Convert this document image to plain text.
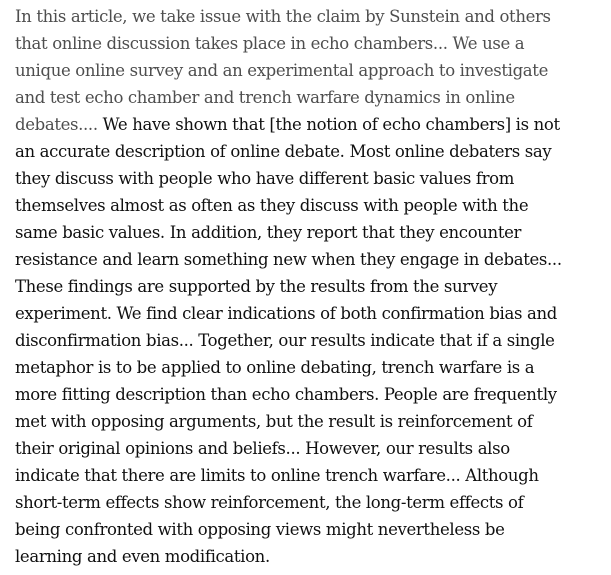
In this article, we take issue with the claim by Sunstein and others
that online discussion takes place in echo chambers... We use a
unique online survey and an experimental approach to investigate
and test echo chamber and trench warfare dynamics in online
debates.... We have shown that [the notion of echo chambers] is not
an accurate description of online debate. Most online debaters say
they discuss with people who have different basic values from
themselves almost as often as they discuss with people with the
same basic values. In addition, they report that they encounter
resistance and learn something new when they engage in debates...
These findings are supported by the results from the survey
experiment. We find clear indications of both confirmation bias and
disconfirmation bias... Together, our results indicate that if a single
metaphor is to be applied to online debating, trench warfare is a
more fitting description than echo chambers. People are frequently
met with opposing arguments, but the result is reinforcement of
their original opinions and beliefs... However, our results also
indicate that there are limits to online trench warfare... Although
short-term effects show reinforcement, the long-term effects of
being confronted with opposing views might nevertheless be
learning and even modification.
